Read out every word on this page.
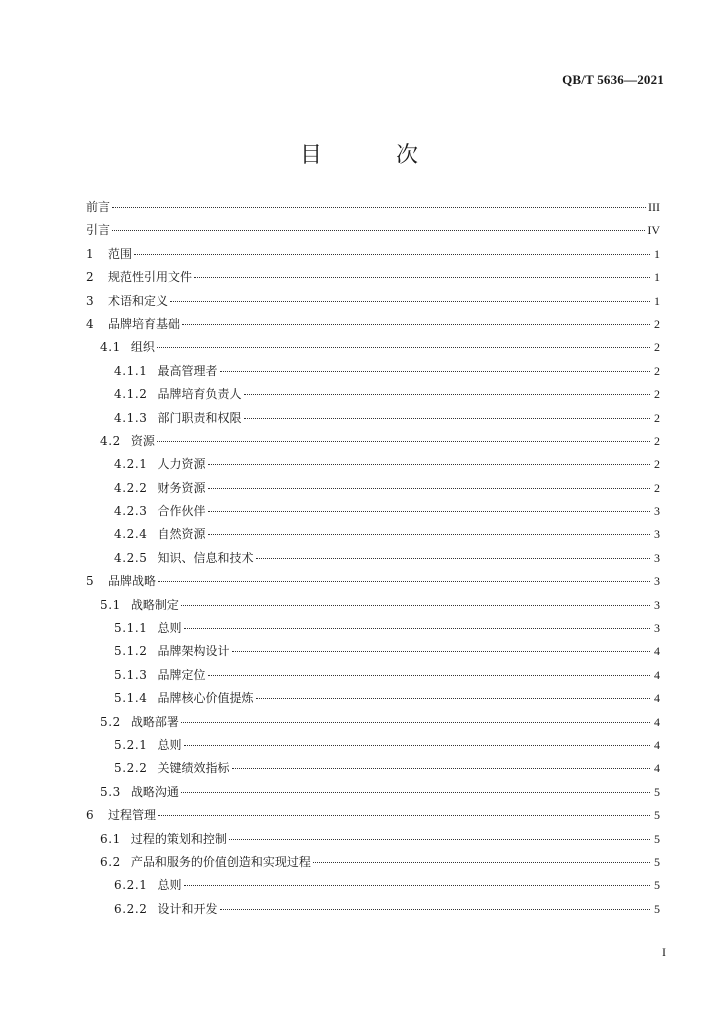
QB/T 5636—2021
目　次
前言	III
引言	IV
1	范围	1
2	规范性引用文件	1
3	术语和定义	1
4	品牌培育基础	2
4.1 组织	2
4.1.1 最高管理者	2
4.1.2 品牌培育负责人	2
4.1.3 部门职责和权限	2
4.2 资源	2
4.2.1 人力资源	2
4.2.2 财务资源	2
4.2.3 合作伙伴	3
4.2.4 自然资源	3
4.2.5 知识、信息和技术	3
5	品牌战略	3
5.1 战略制定	3
5.1.1 总则	3
5.1.2 品牌架构设计	4
5.1.3 品牌定位	4
5.1.4 品牌核心价值提炼	4
5.2 战略部署	4
5.2.1 总则	4
5.2.2 关键绩效指标	4
5.3 战略沟通	5
6	过程管理	5
6.1 过程的策划和控制	5
6.2 产品和服务的价值创造和实现过程	5
6.2.1 总则	5
6.2.2 设计和开发	5
I
